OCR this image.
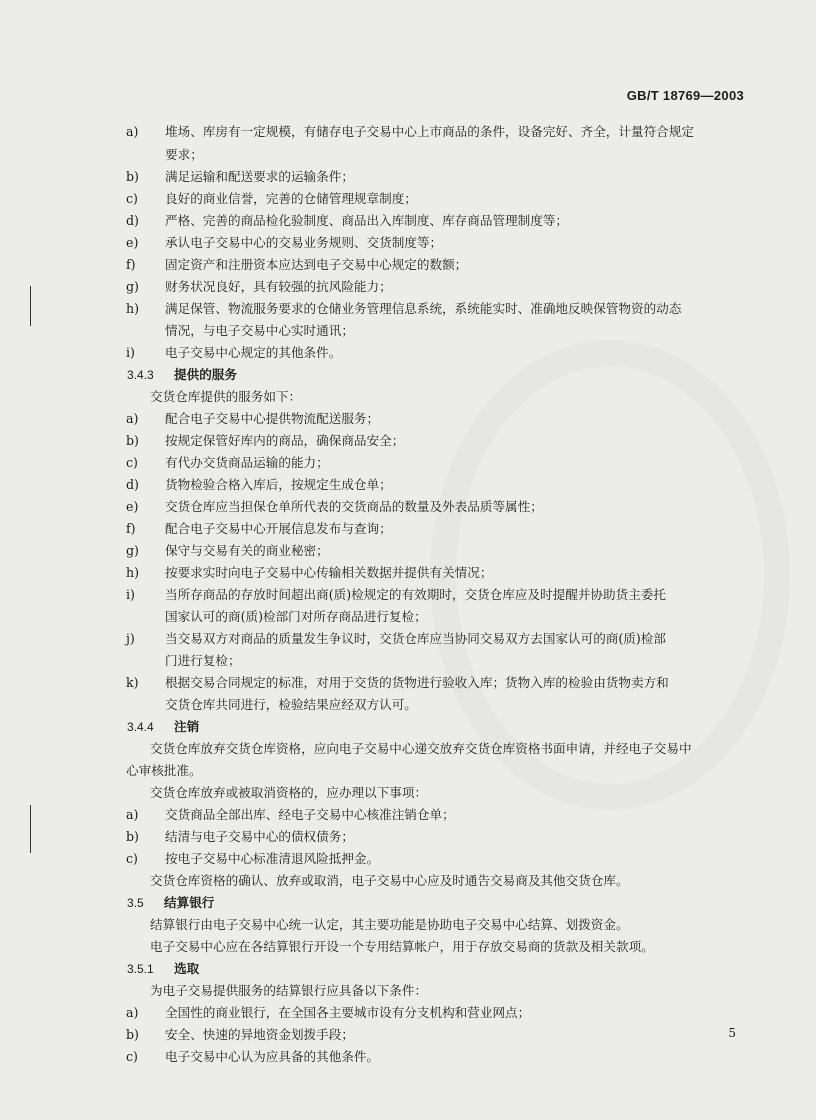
GB/T 18769—2003
a) 堆场、库房有一定规模，有储存电子交易中心上市商品的条件，设备完好、齐全，计量符合规定
要求；
b) 满足运输和配送要求的运输条件；
c) 良好的商业信誉，完善的仓储管理规章制度；
d) 严格、完善的商品检化验制度、商品出入库制度、库存商品管理制度等；
e) 承认电子交易中心的交易业务规则、交货制度等；
f) 固定资产和注册资本应达到电子交易中心规定的数额；
g) 财务状况良好，具有较强的抗风险能力；
h) 满足保管、物流服务要求的仓储业务管理信息系统，系统能实时、准确地反映保管物资的动态
情况，与电子交易中心实时通讯；
i) 电子交易中心规定的其他条件。
3.4.3 提供的服务
交货仓库提供的服务如下：
a) 配合电子交易中心提供物流配送服务；
b) 按规定保管好库内的商品，确保商品安全；
c) 有代办交货商品运输的能力；
d) 货物检验合格入库后，按规定生成仓单；
e) 交货仓库应当担保仓单所代表的交货商品的数量及外表品质等属性；
f) 配合电子交易中心开展信息发布与查询；
g) 保守与交易有关的商业秘密；
h) 按要求实时向电子交易中心传输相关数据并提供有关情况；
i) 当所存商品的存放时间超出商(质)检规定的有效期时，交货仓库应及时提醒并协助货主委托
国家认可的商(质)检部门对所存商品进行复检；
j) 当交易双方对商品的质量发生争议时，交货仓库应当协同交易双方去国家认可的商(质)检部
门进行复检；
k) 根据交易合同规定的标准，对用于交货的货物进行验收入库；货物入库的检验由货物卖方和
交货仓库共同进行，检验结果应经双方认可。
3.4.4 注销
交货仓库放弃交货仓库资格，应向电子交易中心递交放弃交货仓库资格书面申请，并经电子交易中
心审核批准。
交货仓库放弃或被取消资格的，应办理以下事项：
a) 交货商品全部出库、经电子交易中心核准注销仓单；
b) 结清与电子交易中心的债权债务；
c) 按电子交易中心标准清退风险抵押金。
交货仓库资格的确认、放弃或取消，电子交易中心应及时通告交易商及其他交货仓库。
3.5 结算银行
结算银行由电子交易中心统一认定，其主要功能是协助电子交易中心结算、划拨资金。
电子交易中心应在各结算银行开设一个专用结算帐户，用于存放交易商的货款及相关款项。
3.5.1 选取
为电子交易提供服务的结算银行应具备以下条件：
a) 全国性的商业银行，在全国各主要城市设有分支机构和营业网点；
b) 安全、快速的异地资金划拨手段；
c) 电子交易中心认为应具备的其他条件。
5
